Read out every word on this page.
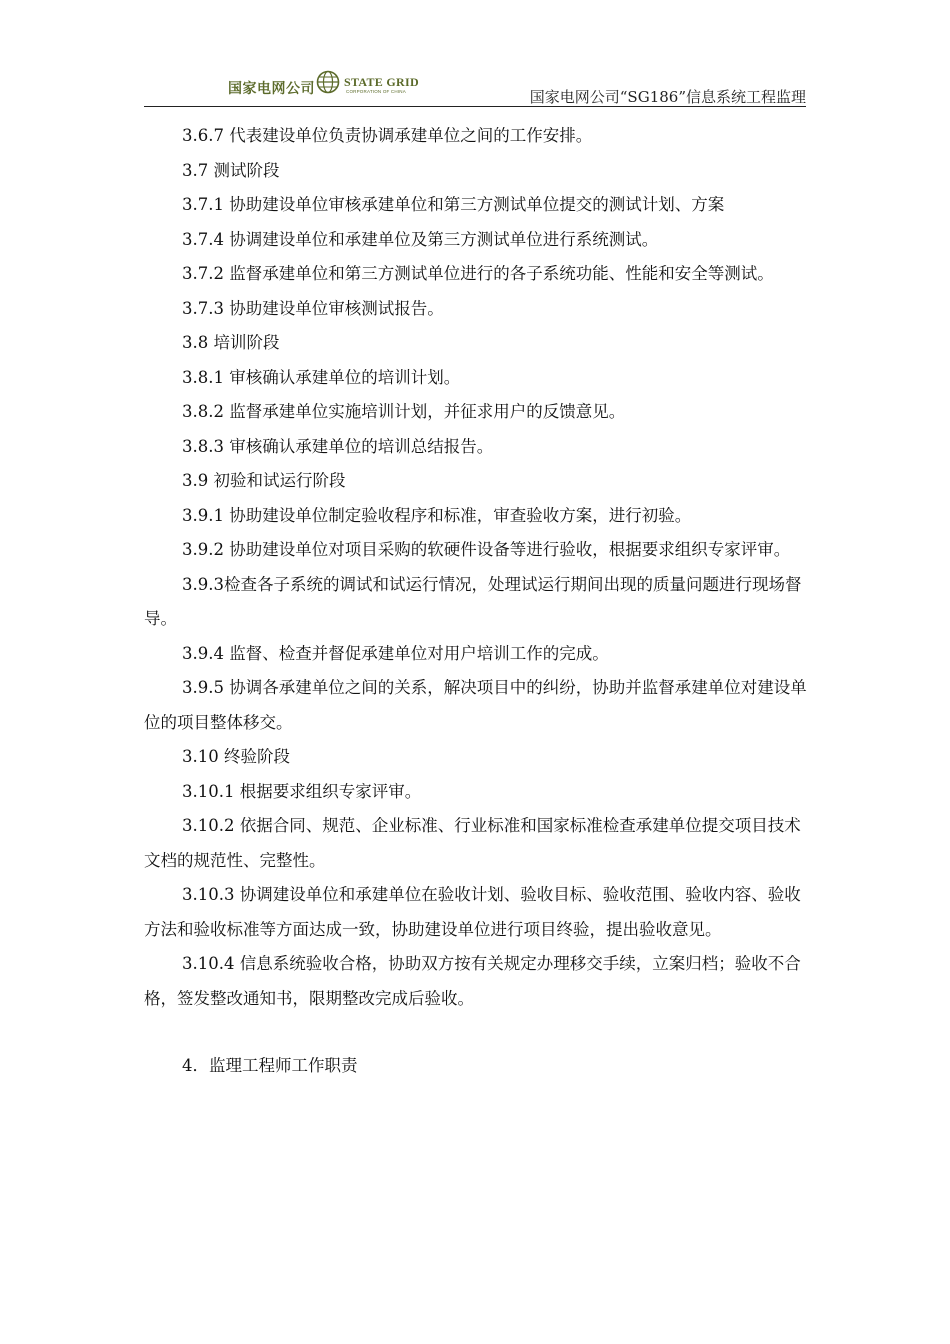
国家电网公司 STATE GRID
CORPORATION OF CHINA	国家电网公司“SG186”信息系统工程监理

3.6.7 代表建设单位负责协调承建单位之间的工作安排。

3.7 测试阶段

3.7.1 协助建设单位审核承建单位和第三方测试单位提交的测试计划、方案

3.7.4 协调建设单位和承建单位及第三方测试单位进行系统测试。

3.7.2 监督承建单位和第三方测试单位进行的各子系统功能、性能和安全等测试。

3.7.3 协助建设单位审核测试报告。

3.8 培训阶段

3.8.1 审核确认承建单位的培训计划。

3.8.2 监督承建单位实施培训计划，并征求用户的反馈意见。

3.8.3 审核确认承建单位的培训总结报告。

3.9 初验和试运行阶段

3.9.1 协助建设单位制定验收程序和标准，审查验收方案，进行初验。

3.9.2 协助建设单位对项目采购的软硬件设备等进行验收，根据要求组织专家评审。

3.9.3检查各子系统的调试和试运行情况，处理试运行期间出现的质量问题进行现场督导。

3.9.4 监督、检查并督促承建单位对用户培训工作的完成。

3.9.5 协调各承建单位之间的关系，解决项目中的纠纷，协助并监督承建单位对建设单位的项目整体移交。

3.10 终验阶段

3.10.1 根据要求组织专家评审。

3.10.2 依据合同、规范、企业标准、行业标准和国家标准检查承建单位提交项目技术文档的规范性、完整性。

3.10.3 协调建设单位和承建单位在验收计划、验收目标、验收范围、验收内容、验收方法和验收标准等方面达成一致，协助建设单位进行项目终验，提出验收意见。

3.10.4 信息系统验收合格，协助双方按有关规定办理移交手续，立案归档；验收不合格，签发整改通知书，限期整改完成后验收。

4．监理工程师工作职责
